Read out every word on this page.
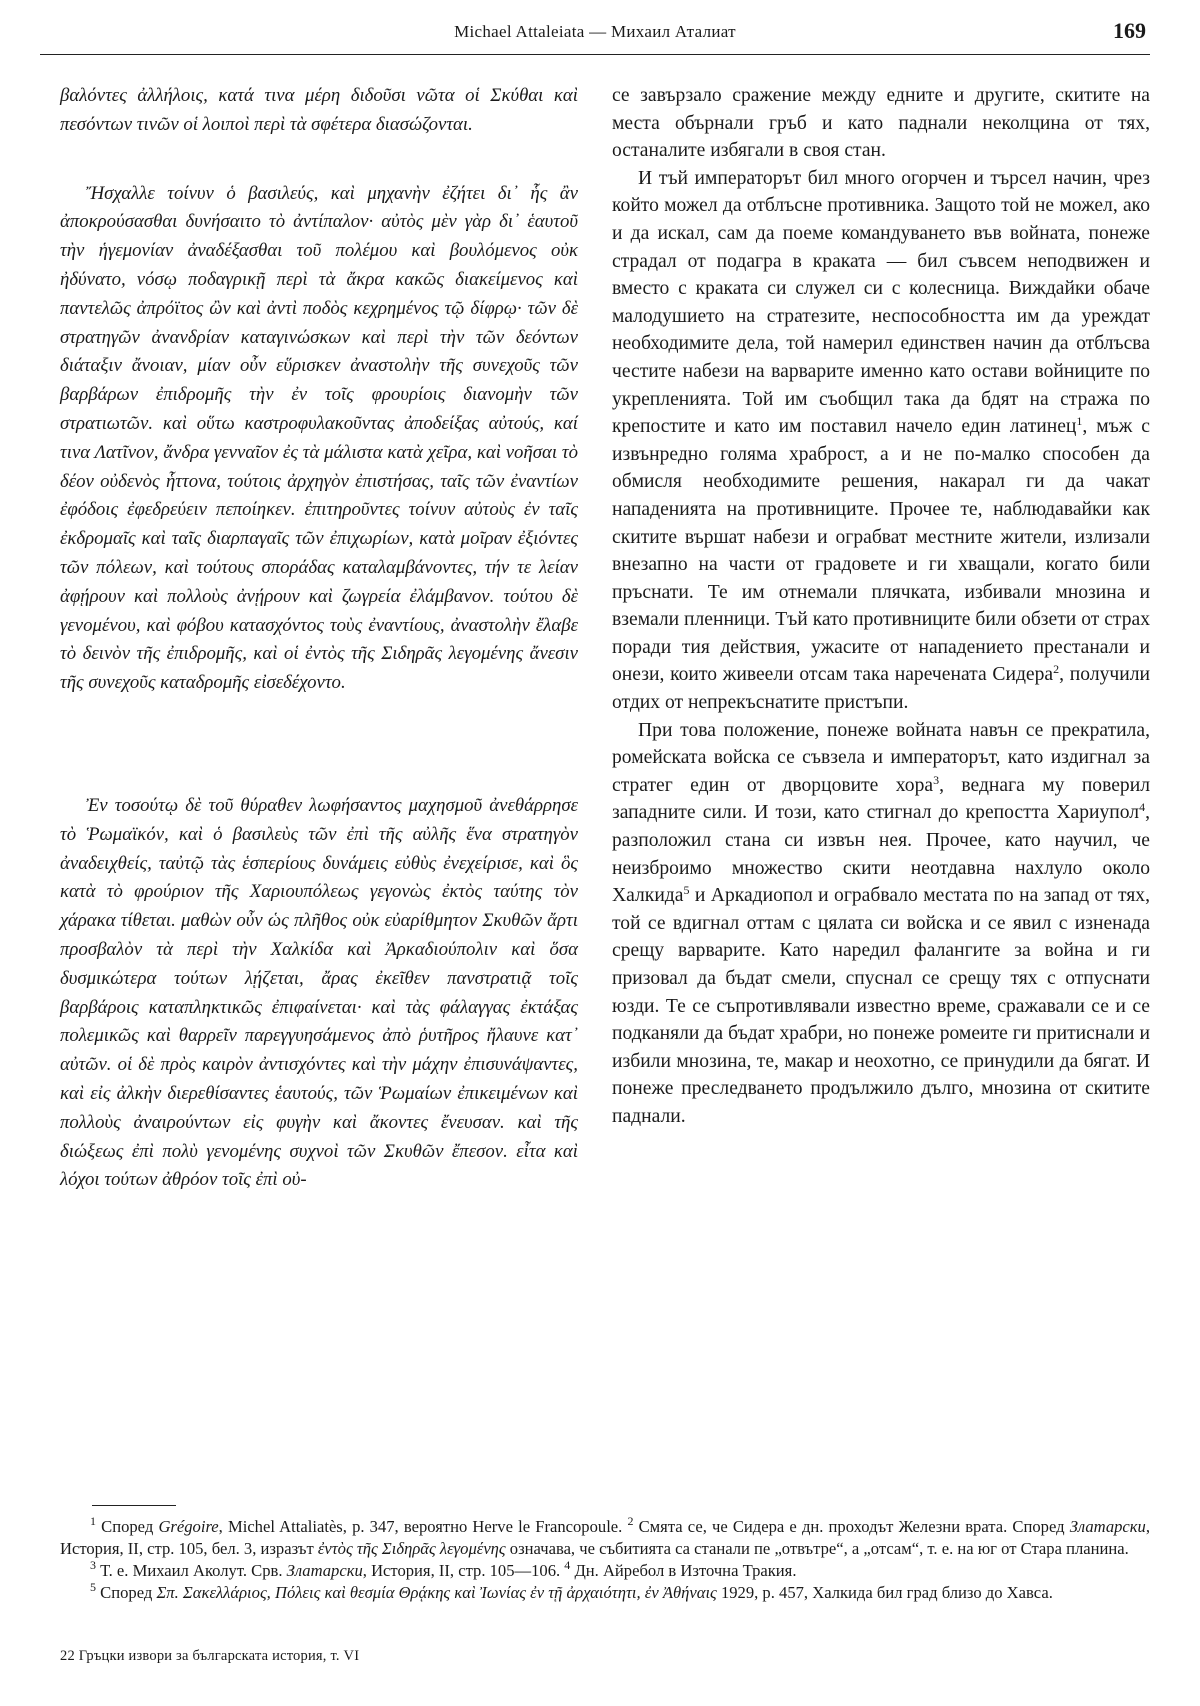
Michael Attaleiata — Михаил Аталиат	169

βαλόντες ἀλλήλοις, κατά τινα μέρη διδοῦσι νῶτα οἱ Σκύθαι καὶ πεσόντων τινῶν οἱ λοιποὶ περὶ τὰ σφέτερα διασώζονται.

Ἤσχαλλε τοίνυν ὁ βασιλεύς, καὶ μηχανὴν ἐζήτει δι᾽ ἧς ἂν ἀποκρούσασθαι δυνήσαιτο τὸ ἀντίπαλον· αὐτὸς μὲν γὰρ δι᾽ ἑαυτοῦ τὴν ἡγεμονίαν ἀναδέξασθαι τοῦ πολέμου καὶ βουλόμενος οὐκ ἠδύνατο, νόσῳ ποδαγρικῇ περὶ τὰ ἄκρα κακῶς διακείμενος καὶ παντελῶς ἀπρόϊτος ὢν καὶ ἀντὶ ποδὸς κεχρημένος τῷ δίφρῳ· τῶν δὲ στρατηγῶν ἀνανδρίαν καταγινώσκων καὶ περὶ τὴν τῶν δεόντων διάταξιν ἄνοιαν, μίαν οὖν εὕρισκεν ἀναστολὴν τῆς συνεχοῦς τῶν βαρβάρων ἐπιδρομῆς τὴν ἐν τοῖς φρουρίοις διανομὴν τῶν στρατιωτῶν. καὶ οὕτω καστροφυλακοῦντας ἀποδείξας αὐτούς, καί τινα Λατῖνον, ἄνδρα γενναῖον ἐς τὰ μάλιστα κατὰ χεῖρα, καὶ νοῆσαι τὸ δέον οὐδενὸς ἧττονα, τούτοις ἀρχηγὸν ἐπιστήσας, ταῖς τῶν ἐναντίων ἐφόδοις ἐφεδρεύειν πεποίηκεν. ἐπιτηροῦντες τοίνυν αὐτοὺς ἐν ταῖς ἐκδρομαῖς καὶ ταῖς διαρπαγαῖς τῶν ἐπιχωρίων, κατὰ μοῖραν ἐξιόντες τῶν πόλεων, καὶ τούτους σποράδας καταλαμβάνοντες, τήν τε λείαν ἀφῄρουν καὶ πολλοὺς ἀνῄρουν καὶ ζωγρεία ἐλάμβανον. τούτου δὲ γενομένου, καὶ φόβου κατασχόντος τοὺς ἐναντίους, ἀναστολὴν ἔλαβε τὸ δεινὸν τῆς ἐπιδρομῆς, καὶ οἱ ἐντὸς τῆς Σιδηρᾶς λεγομένης ἄνεσιν τῆς συνεχοῦς καταδρομῆς εἰσεδέχοντο.

Ἐν τοσούτῳ δὲ τοῦ θύραθεν λωφήσαντος μαχησμοῦ ἀνεθάρρησε τὸ Ῥωμαϊκόν, καὶ ὁ βασιλεὺς τῶν ἐπὶ τῆς αὐλῆς ἕνα στρατηγὸν ἀναδειχθείς, ταὐτῷ τὰς ἑσπερίους δυνάμεις εὐθὺς ἐνεχείρισε, καὶ ὃς κατὰ τὸ φρούριον τῆς Χαριουπόλεως γεγονὼς ἐκτὸς ταύτης τὸν χάρακα τίθεται. μαθὼν οὖν ὡς πλῆθος οὐκ εὐαρίθμητον Σκυθῶν ἄρτι προσβαλὸν τὰ περὶ τὴν Χαλκίδα καὶ Ἀρκαδιούπολιν καὶ ὅσα δυσμικώτερα τούτων λῄζεται, ἄρας ἐκεῖθεν πανστρατιᾷ τοῖς βαρβάροις καταπληκτικῶς ἐπιφαίνεται· καὶ τὰς φάλαγγας ἐκτάξας πολεμικῶς καὶ θαρρεῖν παρεγγυησάμενος ἀπὸ ῥυτῆρος ἤλαυνε κατ᾽ αὐτῶν. οἱ δὲ πρὸς καιρὸν ἀντισχόντες καὶ τὴν μάχην ἐπισυνάψαντες, καὶ εἰς ἀλκὴν διερεθίσαντες ἑαυτούς, τῶν Ῥωμαίων ἐπικειμένων καὶ πολλοὺς ἀναιρούντων εἰς φυγὴν καὶ ἄκοντες ἔνευσαν. καὶ τῆς διώξεως ἐπὶ πολὺ γενομένης συχνοὶ τῶν Σκυθῶν ἔπεσον. εἶτα καὶ λόχοι τούτων ἀθρόον τοῖς ἐπὶ οὐ-

се завързало сражение между едните и другите, скитите на места обърнали гръб и като паднали неколцина от тях, останалите избягали в своя стан.

И тъй императорът бил много огорчен и търсел начин, чрез който можел да отблъсне противника. Защото той не можел, ако и да искал, сам да поеме командуването във войната, понеже страдал от подагра в краката — бил съвсем неподвижен и вместо с краката си служел си с колесница. Виждайки обаче малодушието на стратезите, неспособността им да уреждат необходимите дела, той намерил единствен начин да отблъсва честите набези на варварите именно като остави войниците по укрепленията. Той им съобщил така да бдят на стража по крепостите и като им поставил начело един латинец$^1$, мъж с извънредно голяма храброст, а и не по-малко способен да обмисля необходимите решения, накарал ги да чакат нападенията на противниците. Прочее те, наблюдавайки как скитите вършат набези и ограбват местните жители, излизали внезапно на части от градовете и ги хващали, когато били пръснати. Те им отнемали плячката, избивали мнозина и вземали пленници. Тъй като противниците били обзети от страх поради тия действия, ужасите от нападението престанали и онези, които живеели отсам така наречената Сидера$^2$, получили отдих от непрекъснатите пристъпи.

При това положение, понеже войната навън се прекратила, ромейската войска се съвзела и императорът, като издигнал за стратег един от дворцовите хора$^3$, веднага му поверил западните сили. И този, като стигнал до крепостта Хариупол$^4$, разположил стана си извън нея. Прочее, като научил, че неизброимо множество скити неотдавна нахлуло около Халкида$^5$ и Аркадиопол и ограбвало местата по на запад от тях, той се вдигнал оттам с цялата си войска и се явил с изненада срещу варварите. Като наредил фалангите за война и ги призовал да бъдат смели, спуснал се срещу тях с отпуснати юзди. Те се съпротивлявали известно време, сражавали се и се подканяли да бъдат храбри, но понеже ромеите ги притиснали и избили мнозина, те, макар и неохотно, се принудили да бягат. И понеже преследването продължило дълго, мнозина от скитите паднали.

$^1$ Според Grégoire, Michel Attaliatès, p. 347, вероятно Herve le Francopoule. $^2$ Смята се, че Сидера е дн. проходът Железни врата. Според Златарски, История, II, стр. 105, бел. 3, изразът ἐντὸς τῆς Σιδηρᾶς λεγομένης означава, че събитията са станали пе „отвътре“, а „отсам“, т. е. на юг от Стара планина.

$^3$ Т. е. Михаил Аколут. Срв. Златарски, История, II, стр. 105—106. $^4$ Дн. Айребол в Източна Тракия.

$^5$ Според Σπ. Σακελλάριος, Πόλεις καὶ θεσμία Θρᾴκης καὶ Ἰωνίας ἐν τῇ ἀρχαιότητι, ἐν Ἀθήναις 1929, p. 457, Халкида бил град близо до Хавса.

22 Гръцки извори за българската история, т. VI
